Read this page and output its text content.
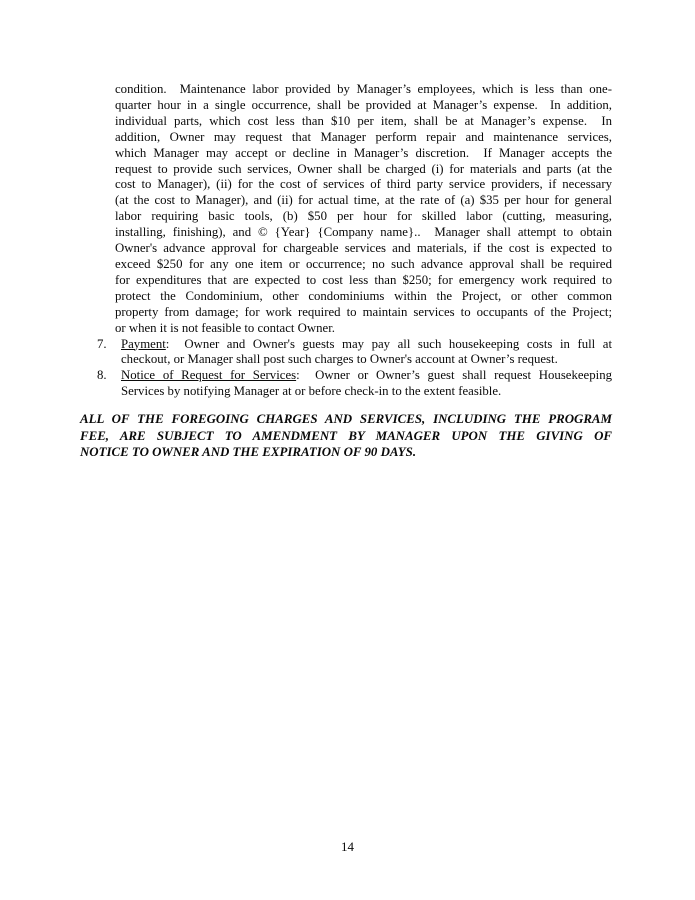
condition.  Maintenance labor provided by Manager’s employees, which is less than one-
quarter hour in a single occurrence, shall be provided at Manager’s expense.  In addition,
individual parts, which cost less than $10 per item, shall be at Manager’s expense.  In
addition, Owner may request that Manager perform repair and maintenance services,
which Manager may accept or decline in Manager’s discretion.  If Manager accepts the
request to provide such services, Owner shall be charged (i) for materials and parts (at the
cost to Manager), (ii) for the cost of services of third party service providers, if necessary
(at the cost to Manager), and (ii) for actual time, at the rate of (a) $35 per hour for general
labor requiring basic tools, (b) $50 per hour for skilled labor (cutting, measuring,
installing, finishing), and © {Year} {Company name}..  Manager shall attempt to obtain
Owner's advance approval for chargeable services and materials, if the cost is expected to
exceed $250 for any one item or occurrence; no such advance approval shall be required
for expenditures that are expected to cost less than $250; for emergency work required to
protect the Condominium, other condominiums within the Project, or other common
property from damage; for work required to maintain services to occupants of the Project;
or when it is not feasible to contact Owner.
7. Payment:  Owner and Owner's guests may pay all such housekeeping costs in full at
checkout, or Manager shall post such charges to Owner's account at Owner’s request.
8. Notice of Request for Services:  Owner or Owner’s guest shall request Housekeeping
Services by notifying Manager at or before check-in to the extent feasible.
ALL OF THE FOREGOING CHARGES AND SERVICES, INCLUDING THE PROGRAM
FEE, ARE SUBJECT TO AMENDMENT BY MANAGER UPON THE GIVING OF
NOTICE TO OWNER AND THE EXPIRATION OF 90 DAYS.
14
